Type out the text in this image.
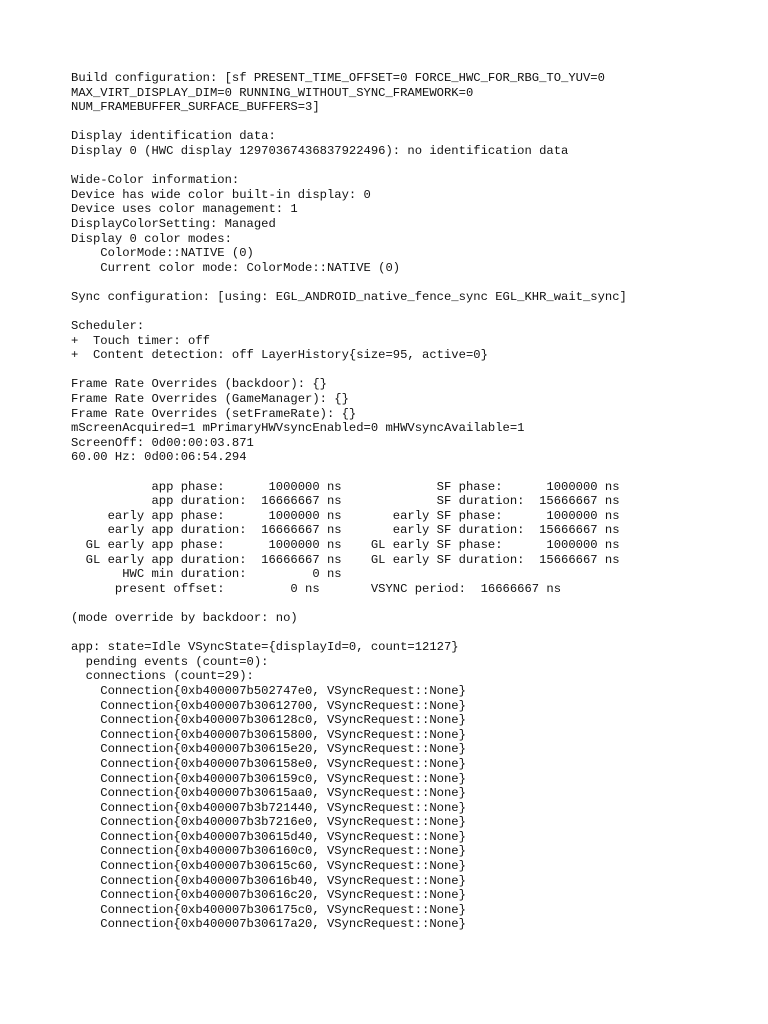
Build configuration: [sf PRESENT_TIME_OFFSET=0 FORCE_HWC_FOR_RBG_TO_YUV=0
MAX_VIRT_DISPLAY_DIM=0 RUNNING_WITHOUT_SYNC_FRAMEWORK=0
NUM_FRAMEBUFFER_SURFACE_BUFFERS=3]
Display identification data:
Display 0 (HWC display 12970367436837922496): no identification data
Wide-Color information:
Device has wide color built-in display: 0
Device uses color management: 1
DisplayColorSetting: Managed
Display 0 color modes:
ColorMode::NATIVE (0)
Current color mode: ColorMode::NATIVE (0)
Sync configuration: [using: EGL_ANDROID_native_fence_sync EGL_KHR_wait_sync]
Scheduler:
+  Touch timer: off
+  Content detection: off LayerHistory{size=95, active=0}
Frame Rate Overrides (backdoor): {}
Frame Rate Overrides (GameManager): {}
Frame Rate Overrides (setFrameRate): {}
mScreenAcquired=1 mPrimaryHWVsyncEnabled=0 mHWVsyncAvailable=1
ScreenOff: 0d00:00:03.871
60.00 Hz: 0d00:06:54.294
app phase:      1000000 ns             SF phase:      1000000 ns
app duration:  16666667 ns             SF duration:  15666667 ns
early app phase:      1000000 ns       early SF phase:      1000000 ns
early app duration:  16666667 ns       early SF duration:  15666667 ns
GL early app phase:      1000000 ns    GL early SF phase:      1000000 ns
GL early app duration:  16666667 ns    GL early SF duration:  15666667 ns
HWC min duration:         0 ns
present offset:         0 ns       VSYNC period:  16666667 ns
(mode override by backdoor: no)
app: state=Idle VSyncState={displayId=0, count=12127}
pending events (count=0):
connections (count=29):
Connection{0xb400007b502747e0, VSyncRequest::None}
Connection{0xb400007b30612700, VSyncRequest::None}
Connection{0xb400007b306128c0, VSyncRequest::None}
Connection{0xb400007b30615800, VSyncRequest::None}
Connection{0xb400007b30615e20, VSyncRequest::None}
Connection{0xb400007b306158e0, VSyncRequest::None}
Connection{0xb400007b306159c0, VSyncRequest::None}
Connection{0xb400007b30615aa0, VSyncRequest::None}
Connection{0xb400007b3b721440, VSyncRequest::None}
Connection{0xb400007b3b7216e0, VSyncRequest::None}
Connection{0xb400007b30615d40, VSyncRequest::None}
Connection{0xb400007b306160c0, VSyncRequest::None}
Connection{0xb400007b30615c60, VSyncRequest::None}
Connection{0xb400007b30616b40, VSyncRequest::None}
Connection{0xb400007b30616c20, VSyncRequest::None}
Connection{0xb400007b306175c0, VSyncRequest::None}
Connection{0xb400007b30617a20, VSyncRequest::None}
